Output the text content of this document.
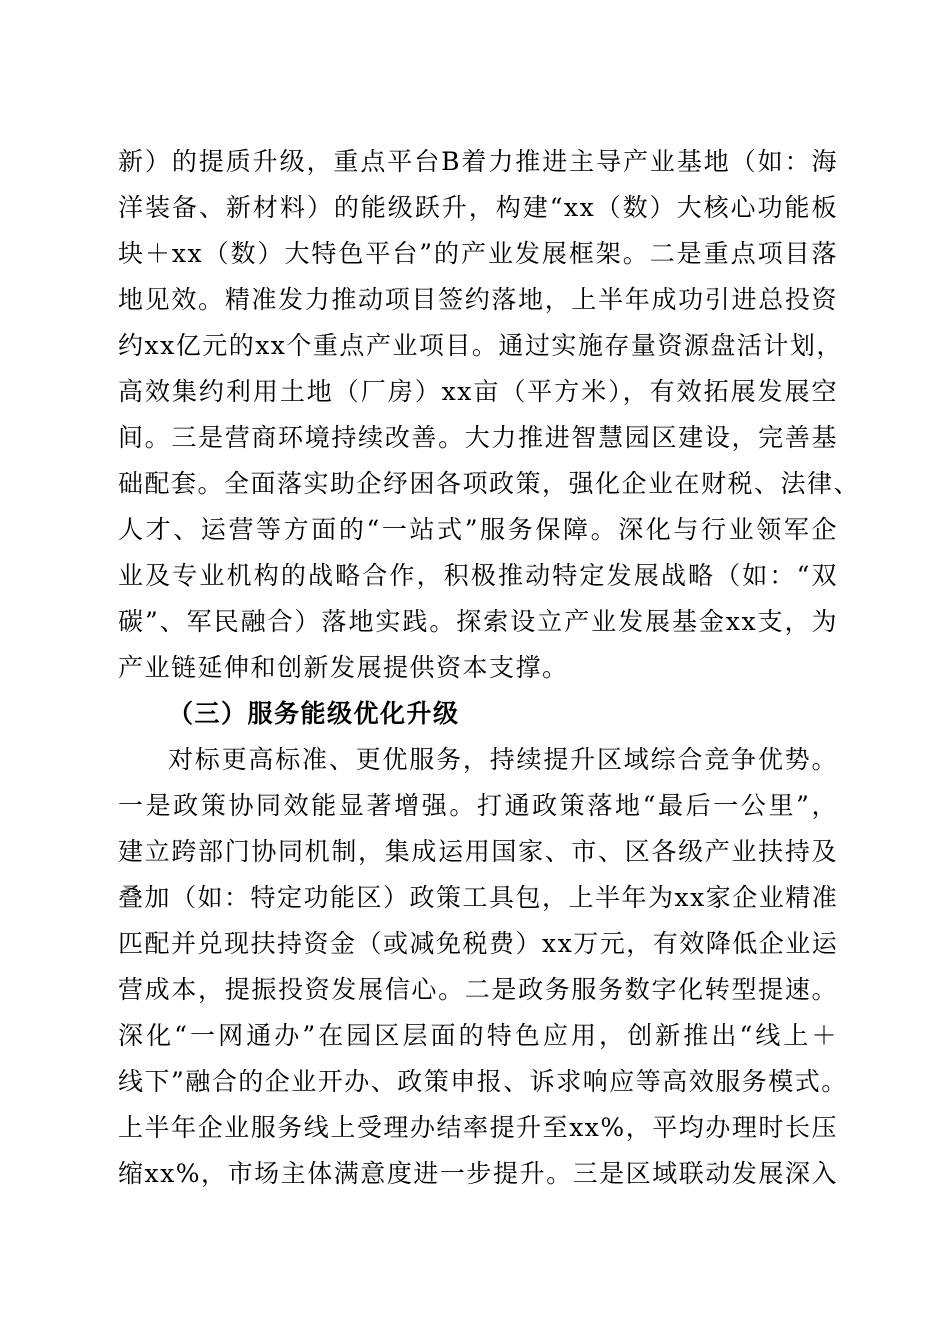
新）的提质升级，重点平台B着力推进主导产业基地（如：海
洋装备、新材料）的能级跃升，构建“xx（数）大核心功能板
块＋xx（数）大特色平台”的产业发展框架。二是重点项目落
地见效。精准发力推动项目签约落地，上半年成功引进总投资
约xx亿元的xx个重点产业项目。通过实施存量资源盘活计划，
高效集约利用土地（厂房）xx亩（平方米），有效拓展发展空
间。三是营商环境持续改善。大力推进智慧园区建设，完善基
础配套。全面落实助企纾困各项政策，强化企业在财税、法律、
人才、运营等方面的“一站式”服务保障。深化与行业领军企
业及专业机构的战略合作，积极推动特定发展战略（如：“双
碳”、军民融合）落地实践。探索设立产业发展基金xx支，为
产业链延伸和创新发展提供资本支撑。
（三）服务能级优化升级
对标更高标准、更优服务，持续提升区域综合竞争优势。
一是政策协同效能显著增强。打通政策落地“最后一公里”，
建立跨部门协同机制，集成运用国家、市、区各级产业扶持及
叠加（如：特定功能区）政策工具包，上半年为xx家企业精准
匹配并兑现扶持资金（或减免税费）xx万元，有效降低企业运
营成本，提振投资发展信心。二是政务服务数字化转型提速。
深化“一网通办”在园区层面的特色应用，创新推出“线上＋
线下”融合的企业开办、政策申报、诉求响应等高效服务模式。
上半年企业服务线上受理办结率提升至xx%，平均办理时长压
缩xx%，市场主体满意度进一步提升。三是区域联动发展深入
